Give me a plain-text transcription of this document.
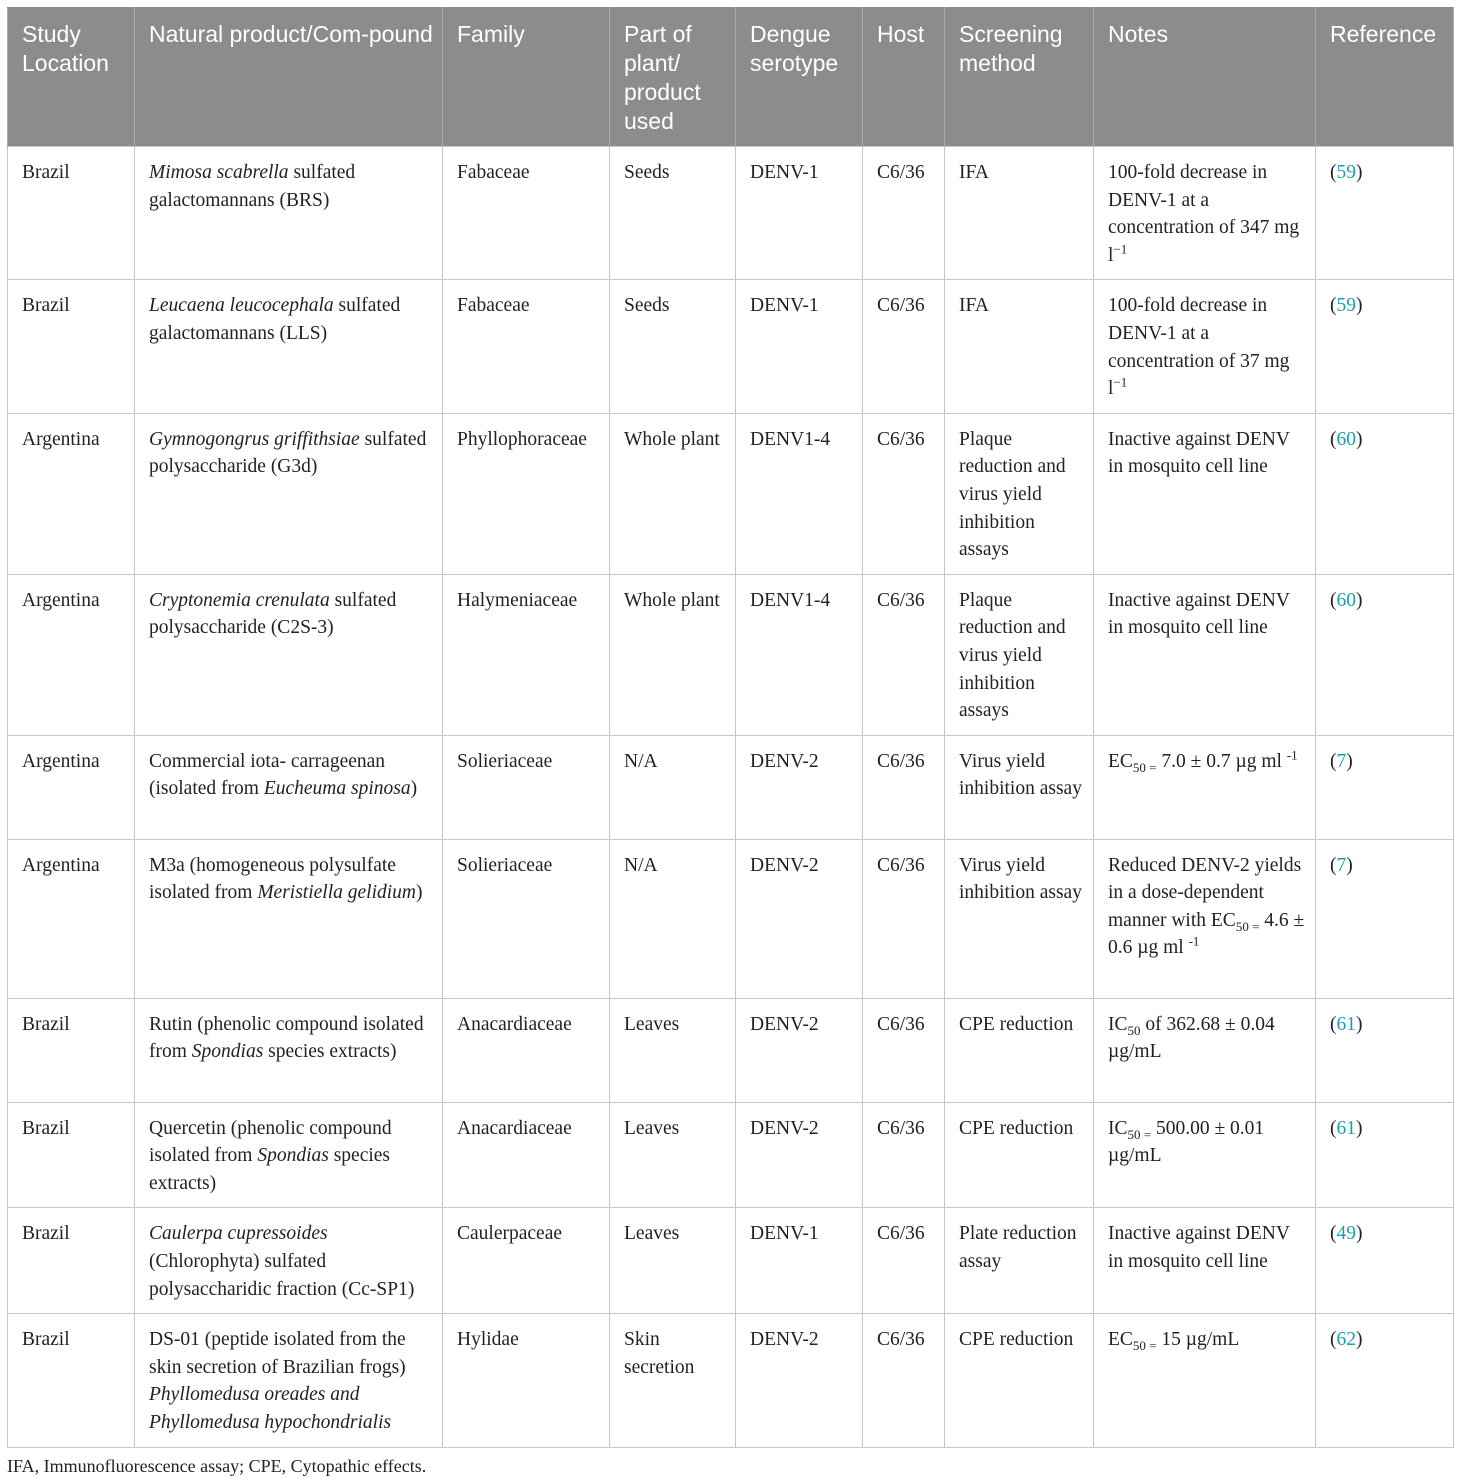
Study Location	Natural product/Com-pound	Family	Part of plant/ product used	Dengue serotype	Host	Screening method	Notes	Reference
Brazil	Mimosa scabrella sulfated galactomannans (BRS)	Fabaceae	Seeds	DENV-1	C6/36	IFA	100-fold decrease in DENV-1 at a concentration of 347 mg $l^{-1}$	(59)
Brazil	Leucaena leucocephala sulfated galactomannans (LLS)	Fabaceae	Seeds	DENV-1	C6/36	IFA	100-fold decrease in DENV-1 at a concentration of 37 mg $l^{-1}$	(59)
Argentina	Gymnogongrus griffithsiae sulfated polysaccharide (G3d)	Phyllophoraceae	Whole plant	DENV1-4	C6/36	Plaque reduction and virus yield inhibition assays	Inactive against DENV in mosquito cell line	(60)
Argentina	Cryptonemia crenulata sulfated polysaccharide (C2S-3)	Halymeniaceae	Whole plant	DENV1-4	C6/36	Plaque reduction and virus yield inhibition assays	Inactive against DENV in mosquito cell line	(60)
Argentina	Commercial iota- carrageenan (isolated from Eucheuma spinosa)	Solieriaceae	N/A	DENV-2	C6/36	Virus yield inhibition assay	$EC_{50 =}$ 7.0 ± 0.7 µg ml $^{-1}$	(7)
Argentina	M3a (homogeneous polysulfate isolated from Meristiella gelidium)	Solieriaceae	N/A	DENV-2	C6/36	Virus yield inhibition assay	Reduced DENV-2 yields in a dose-dependent manner with $EC_{50 =}$ 4.6 ± 0.6 µg ml $^{-1}$	(7)
Brazil	Rutin (phenolic compound isolated from Spondias species extracts)	Anacardiaceae	Leaves	DENV-2	C6/36	CPE reduction	$IC_{50}$ of 362.68 ± 0.04 µg/mL	(61)
Brazil	Quercetin (phenolic compound isolated from Spondias species extracts)	Anacardiaceae	Leaves	DENV-2	C6/36	CPE reduction	$IC_{50 =}$ 500.00 ± 0.01 µg/mL	(61)
Brazil	Caulerpa cupressoides (Chlorophyta) sulfated polysaccharidic fraction (Cc-SP1)	Caulerpaceae	Leaves	DENV-1	C6/36	Plate reduction assay	Inactive against DENV in mosquito cell line	(49)
Brazil	DS-01 (peptide isolated from the skin secretion of Brazilian frogs) Phyllomedusa oreades and Phyllomedusa hypochondrialis	Hylidae	Skin secretion	DENV-2	C6/36	CPE reduction	$EC_{50 =}$ 15 µg/mL	(62)
IFA, Immunofluorescence assay; CPE, Cytopathic effects.
